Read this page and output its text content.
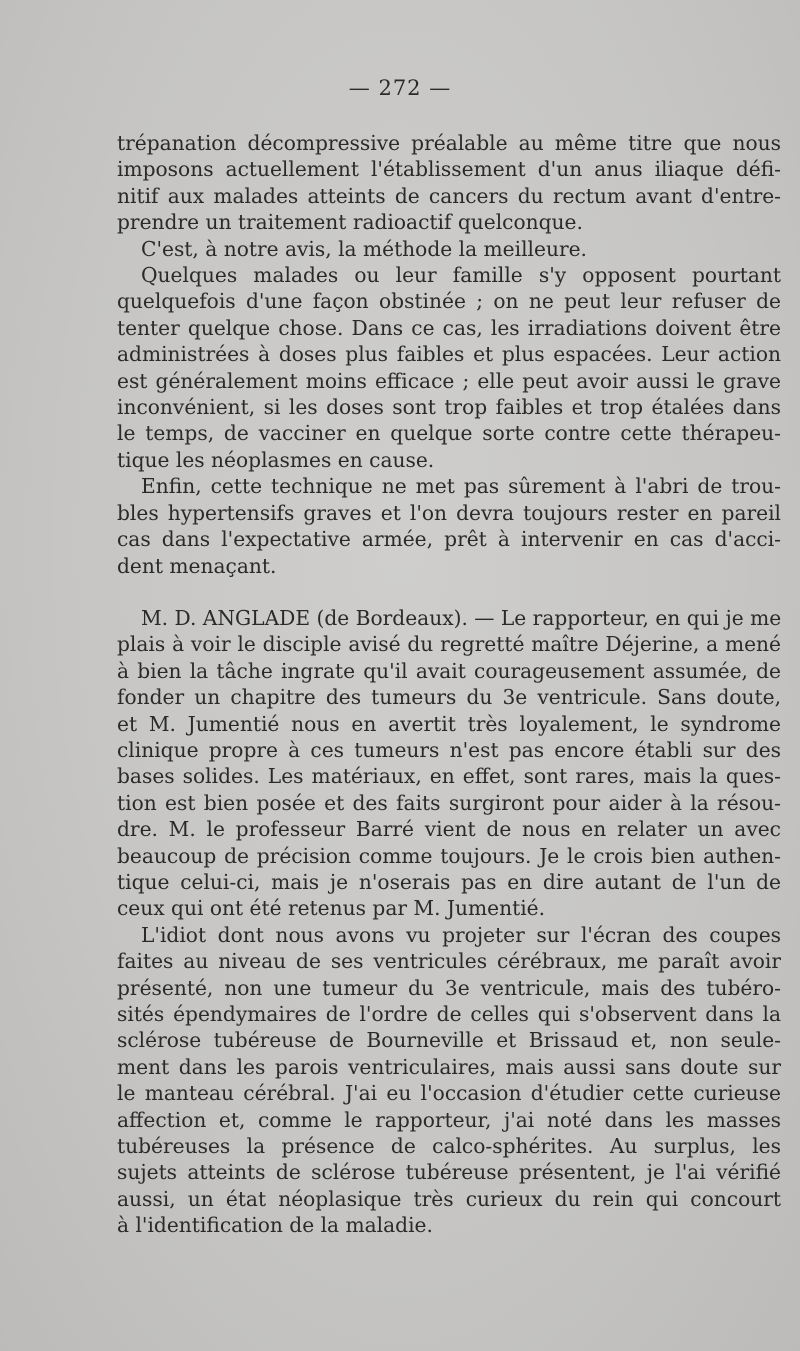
— 272 —
trépanation décompressive préalable au même titre que nous
imposons actuellement l'établissement d'un anus iliaque défi-
nitif aux malades atteints de cancers du rectum avant d'entre-
prendre un traitement radioactif quelconque.
C'est, à notre avis, la méthode la meilleure.
Quelques malades ou leur famille s'y opposent pourtant
quelquefois d'une façon obstinée ; on ne peut leur refuser de
tenter quelque chose. Dans ce cas, les irradiations doivent être
administrées à doses plus faibles et plus espacées. Leur action
est généralement moins efficace ; elle peut avoir aussi le grave
inconvénient, si les doses sont trop faibles et trop étalées dans
le temps, de vacciner en quelque sorte contre cette thérapeu-
tique les néoplasmes en cause.
Enfin, cette technique ne met pas sûrement à l'abri de trou-
bles hypertensifs graves et l'on devra toujours rester en pareil
cas dans l'expectative armée, prêt à intervenir en cas d'acci-
dent menaçant.
M. D. ANGLADE (de Bordeaux). — Le rapporteur, en qui je me
plais à voir le disciple avisé du regretté maître Déjerine, a mené
à bien la tâche ingrate qu'il avait courageusement assumée, de
fonder un chapitre des tumeurs du 3e ventricule. Sans doute,
et M. Jumentié nous en avertit très loyalement, le syndrome
clinique propre à ces tumeurs n'est pas encore établi sur des
bases solides. Les matériaux, en effet, sont rares, mais la ques-
tion est bien posée et des faits surgiront pour aider à la résou-
dre. M. le professeur Barré vient de nous en relater un avec
beaucoup de précision comme toujours. Je le crois bien authen-
tique celui-ci, mais je n'oserais pas en dire autant de l'un de
ceux qui ont été retenus par M. Jumentié.
L'idiot dont nous avons vu projeter sur l'écran des coupes
faites au niveau de ses ventricules cérébraux, me paraît avoir
présenté, non une tumeur du 3e ventricule, mais des tubéro-
sités épendymaires de l'ordre de celles qui s'observent dans la
sclérose tubéreuse de Bourneville et Brissaud et, non seule-
ment dans les parois ventriculaires, mais aussi sans doute sur
le manteau cérébral. J'ai eu l'occasion d'étudier cette curieuse
affection et, comme le rapporteur, j'ai noté dans les masses
tubéreuses la présence de calco-sphérites. Au surplus, les
sujets atteints de sclérose tubéreuse présentent, je l'ai vérifié
aussi, un état néoplasique très curieux du rein qui concourt
à l'identification de la maladie.
